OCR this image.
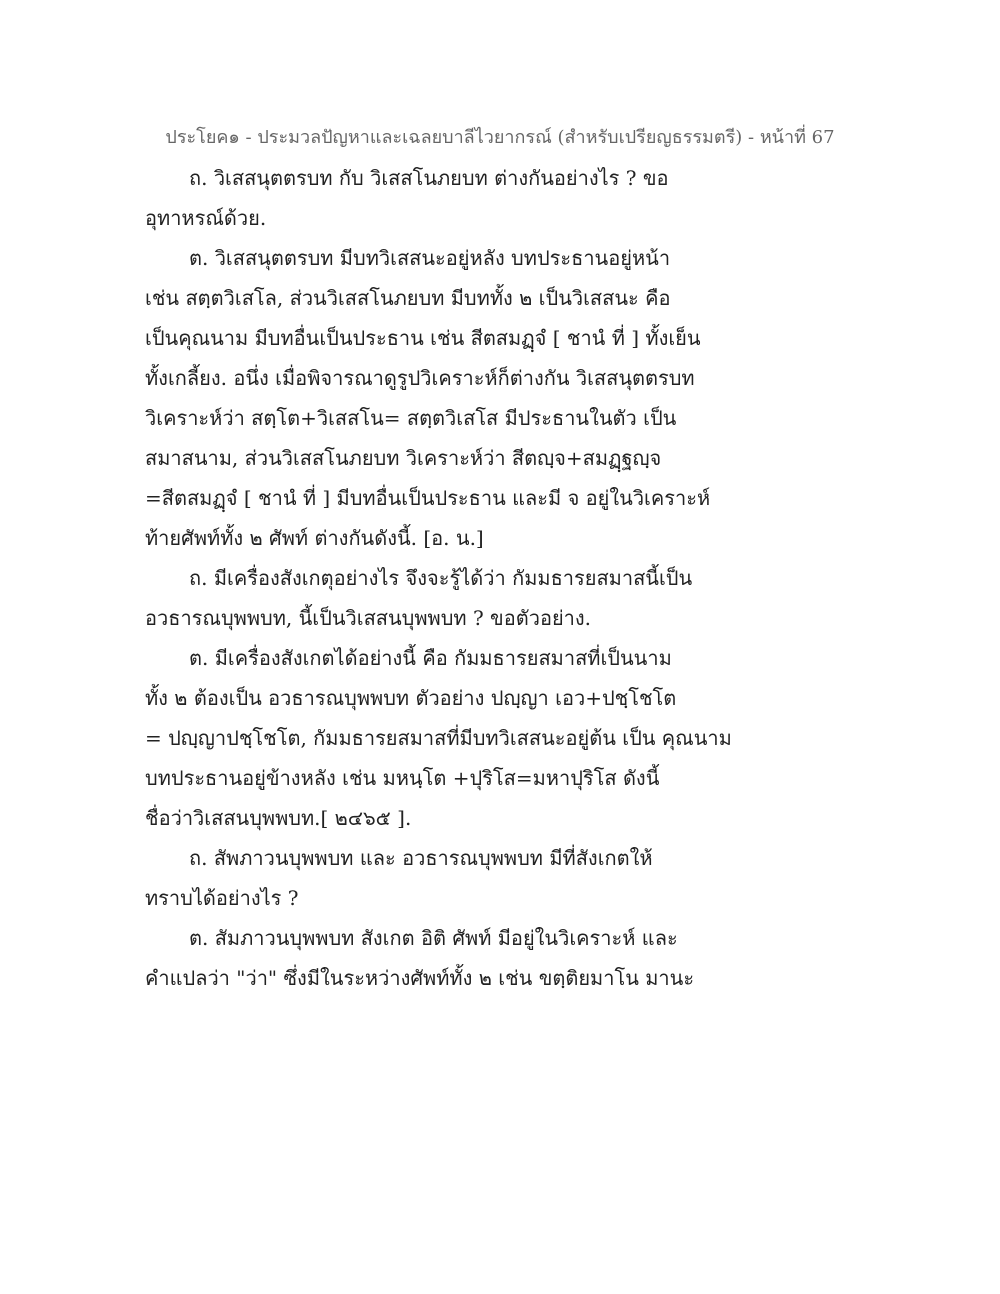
ประโยค๑ - ประมวลปัญหาและเฉลยบาลีไวยากรณ์ (สำหรับเปรียญธรรมตรี) - หน้าที่ 67
ถ. วิเสสนุตตรบท กับ วิเสสโนภยบท ต่างกันอย่างไร ? ขอ
อุทาหรณ์ด้วย.
ต. วิเสสนุตตรบท มีบทวิเสสนะอยู่หลัง บทประธานอยู่หน้า
เช่น สตฺตวิเสโล, ส่วนวิเสสโนภยบท มีบททั้ง ๒ เป็นวิเสสนะ คือ
เป็นคุณนาม มีบทอื่นเป็นประธาน เช่น สีตสมฏฺจํ [ ชานํ ที่ ] ทั้งเย็น
ทั้งเกลี้ยง. อนึ่ง เมื่อพิจารณาดูรูปวิเคราะห์ก็ต่างกัน วิเสสนุตตรบท
วิเคราะห์ว่า สตฺโต+วิเสสโน= สตฺตวิเสโส มีประธานในตัว เป็น
สมาสนาม, ส่วนวิเสสโนภยบท วิเคราะห์ว่า สีตญฺจ+สมฏฺฐญฺจ
=สีตสมฏฺจํ [ ชานํ ที่ ] มีบทอื่นเป็นประธาน และมี จ อยู่ในวิเคราะห์
ท้ายศัพท์ทั้ง ๒ ศัพท์ ต่างกันดังนี้. [อ. น.]
ถ. มีเครื่องสังเกตุอย่างไร จึงจะรู้ได้ว่า กัมมธารยสมาสนี้เป็น
อวธารณบุพพบท, นี้เป็นวิเสสนบุพพบท ? ขอตัวอย่าง.
ต. มีเครื่องสังเกตได้อย่างนี้ คือ กัมมธารยสมาสที่เป็นนาม
ทั้ง ๒ ต้องเป็น อวธารณบุพพบท ตัวอย่าง ปญฺญา เอว+ปชฺโชโต
= ปญฺญาปชฺโชโต, กัมมธารยสมาสที่มีบทวิเสสนะอยู่ต้น เป็น คุณนาม
บทประธานอยู่ข้างหลัง เช่น มหนฺโต +ปุริโส=มหาปุริโส ดังนี้
ชื่อว่าวิเสสนบุพพบท.[ ๒๔๖๕ ].
ถ. สัพภาวนบุพพบท และ อวธารณบุพพบท มีที่สังเกตให้
ทราบได้อย่างไร ?
ต. สัมภาวนบุพพบท สังเกต อิติ ศัพท์ มีอยู่ในวิเคราะห์ และ
คำแปลว่า "ว่า" ซึ่งมีในระหว่างศัพท์ทั้ง ๒ เช่น ขตฺติยมาโน มานะ
